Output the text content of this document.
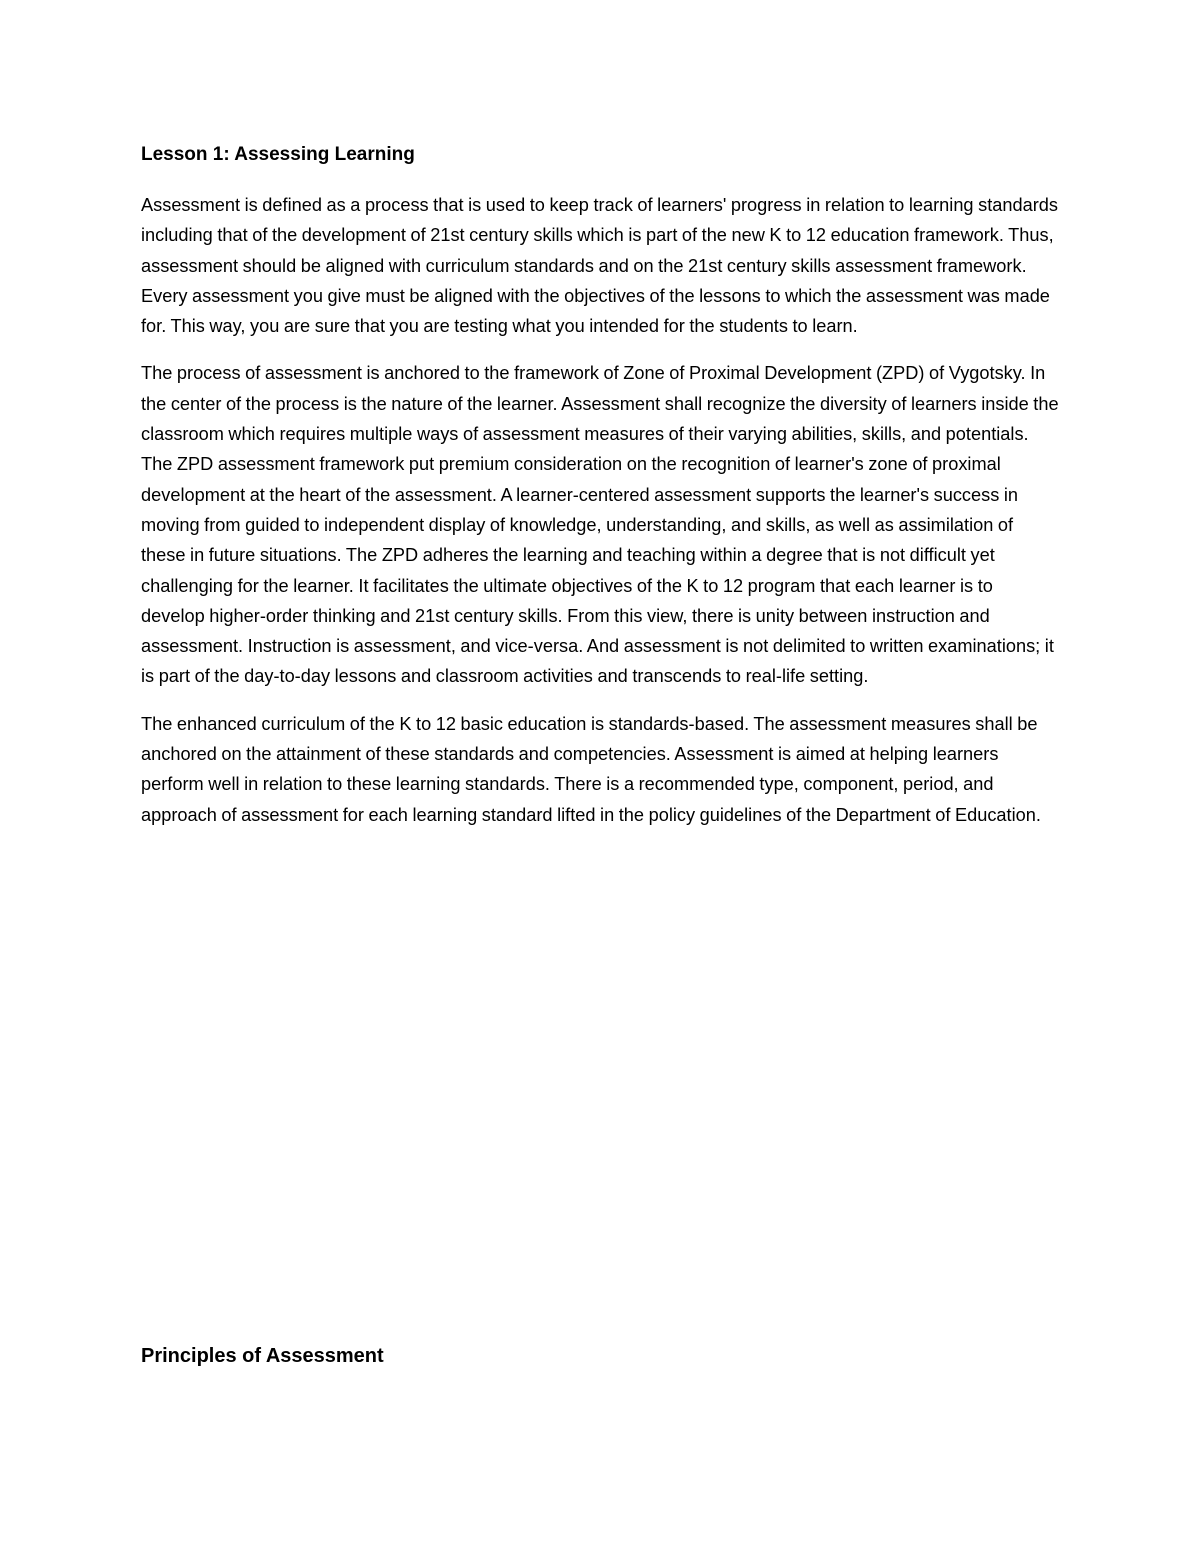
Lesson 1: Assessing Learning

Assessment is defined as a process that is used to keep track of learners' progress in relation to learning standards including that of the development of 21st century skills which is part of the new K to 12 education framework. Thus, assessment should be aligned with curriculum standards and on the 21st century skills assessment framework. Every assessment you give must be aligned with the objectives of the lessons to which the assessment was made for. This way, you are sure that you are testing what you intended for the students to learn.

The process of assessment is anchored to the framework of Zone of Proximal Development (ZPD) of Vygotsky. In the center of the process is the nature of the learner. Assessment shall recognize the diversity of learners inside the classroom which requires multiple ways of assessment measures of their varying abilities, skills, and potentials. The ZPD assessment framework put premium consideration on the recognition of learner's zone of proximal development at the heart of the assessment. A learner-centered assessment supports the learner's success in moving from guided to independent display of knowledge, understanding, and skills, as well as assimilation of these in future situations. The ZPD adheres the learning and teaching within a degree that is not difficult yet challenging for the learner. It facilitates the ultimate objectives of the K to 12 program that each learner is to develop higher-order thinking and 21st century skills. From this view, there is unity between instruction and assessment. Instruction is assessment, and vice-versa. And assessment is not delimited to written examinations; it is part of the day-to-day lessons and classroom activities and transcends to real-life setting.

The enhanced curriculum of the K to 12 basic education is standards-based. The assessment measures shall be anchored on the attainment of these standards and competencies. Assessment is aimed at helping learners perform well in relation to these learning standards. There is a recommended type, component, period, and approach of assessment for each learning standard lifted in the policy guidelines of the Department of Education.

Principles of Assessment
